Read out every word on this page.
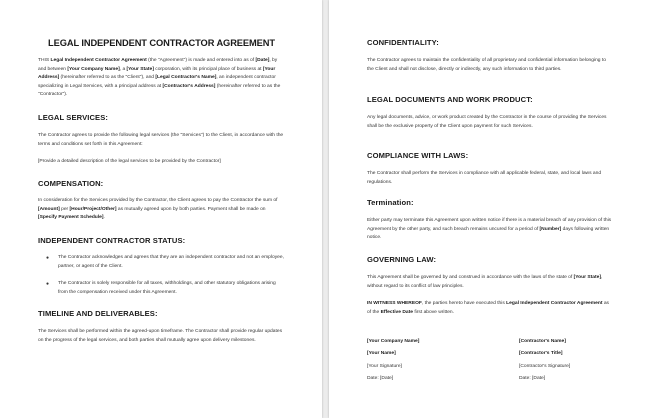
LEGAL INDEPENDENT CONTRACTOR AGREEMENT
THIS Legal Independent Contractor Agreement (the "Agreement") is made and entered into as of [Date], by and between [Your Company Name], a [Your State] corporation, with its principal place of business at [Your Address] (hereinafter referred to as the "Client"), and [Legal Contractor's Name], an independent contractor specializing in Legal Services, with a principal address at [Contractor's Address] (hereinafter referred to as the "Contractor").
LEGAL SERVICES:
The Contractor agrees to provide the following legal services (the "Services") to the Client, in accordance with the terms and conditions set forth in this Agreement:
[Provide a detailed description of the legal services to be provided by the Contractor]
COMPENSATION:
In consideration for the Services provided by the Contractor, the Client agrees to pay the Contractor the sum of [Amount] per [Hour/Project/Other] as mutually agreed upon by both parties. Payment shall be made on [Specify Payment Schedule].
INDEPENDENT CONTRACTOR STATUS:
● The Contractor acknowledges and agrees that they are an independent contractor and not an employee, partner, or agent of the Client.
● The Contractor is solely responsible for all taxes, withholdings, and other statutory obligations arising from the compensation received under this Agreement.
TIMELINE AND DELIVERABLES:
The Services shall be performed within the agreed-upon timeframe. The Contractor shall provide regular updates on the progress of the legal services, and both parties shall mutually agree upon delivery milestones.
CONFIDENTIALITY:
The Contractor agrees to maintain the confidentiality of all proprietary and confidential information belonging to the Client and shall not disclose, directly or indirectly, any such information to third parties.
LEGAL DOCUMENTS AND WORK PRODUCT:
Any legal documents, advice, or work product created by the Contractor in the course of providing the Services shall be the exclusive property of the Client upon payment for such Services.
COMPLIANCE WITH LAWS:
The Contractor shall perform the Services in compliance with all applicable federal, state, and local laws and regulations.
Termination:
Either party may terminate this Agreement upon written notice if there is a material breach of any provision of this Agreement by the other party, and such breach remains uncured for a period of [Number] days following written notice.
GOVERNING LAW:
This Agreement shall be governed by and construed in accordance with the laws of the state of [Your State], without regard to its conflict of law principles.
IN WITNESS WHEREOF, the parties hereto have executed this Legal Independent Contractor Agreement as of the Effective Date first above written.
[Your Company Name]
[Your Name]
[Your Signature]
Date: [Date]
[Contractor's Name]
[Contractor's Title]
[Contractor's Signature]
Date: [Date]
